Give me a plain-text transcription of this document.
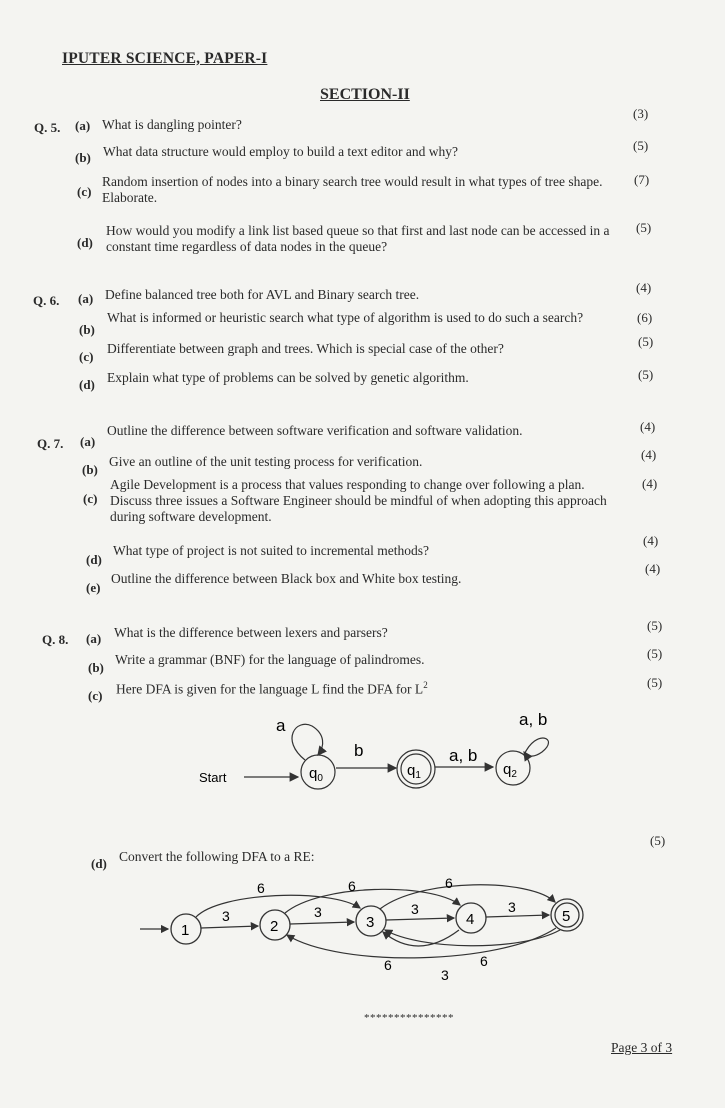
IPUTER SCIENCE, PAPER-I
SECTION-II
Q. 5. (a) What is dangling pointer?
(3)
(b) What data structure would employ to build a text editor and why?	(5)
(c)
Random insertion of nodes into a binary search tree would result in what types of tree shape. Elaborate.
(7)
(d)
How would you modify a link list based queue so that first and last node can be accessed in a constant time regardless of data nodes in the queue?
(5)
Q. 6. (a) Define balanced tree both for AVL and Binary search tree.	(4)
(b)
What is informed or heuristic search what type of algorithm is used to do such a search?	(6)
(c)
Differentiate between graph and trees. Which is special case of the other?	(5)
(d) Explain what type of problems can be solved by genetic algorithm.	(5)
Q. 7. (a)
Outline the difference between software verification and software validation.	(4)
(b)
Give an outline of the unit testing process for verification.	(4)
(c)
Agile Development is a process that values responding to change over following a plan. Discuss three issues a Software Engineer should be mindful of when adopting this approach during software development.
(4)
(d)
What type of project is not suited to incremental methods?
(4)
(e)
Outline the difference between Black box and White box testing.
(4)
Q. 8. (a) What is the difference between lexers and parsers?	(5)
(b)
Write a grammar (BNF) for the language of palindromes.	(5)
(c) Here DFA is given for the language L find the DFA for $L^2$	(5)
Start	$q_0$
a
b
$q_1$
a, b
$q_2$
a, b
(d) Convert the following DFA to a RE:
(5)
1	2	3	4	5
3	3	3	3
6	6	6
6
3
6
***************
Page 3 of 3
